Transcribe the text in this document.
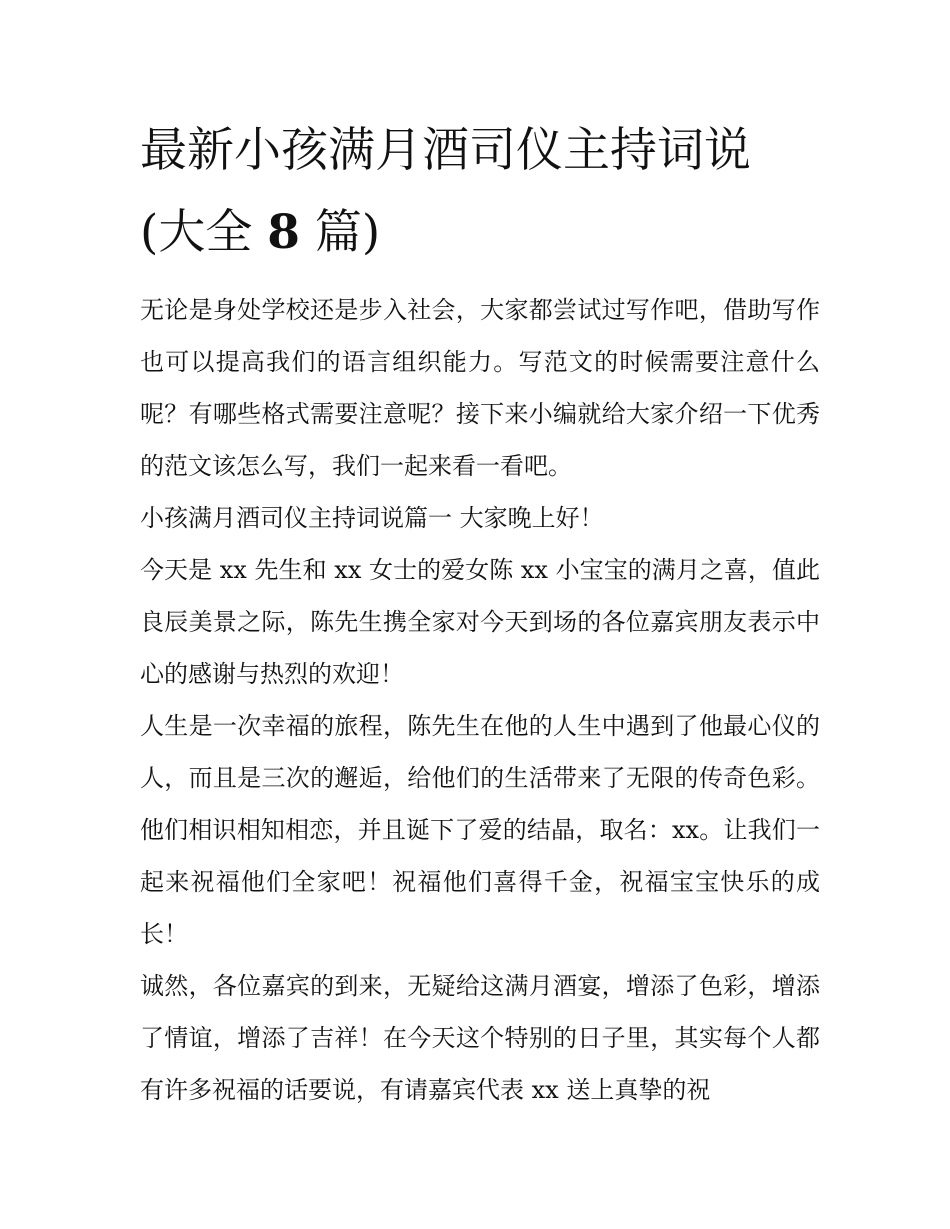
最新小孩满月酒司仪主持词说
(大全 8 篇)

无论是身处学校还是步入社会，大家都尝试过写作吧，借助写作也可以提高我们的语言组织能力。写范文的时候需要注意什么呢？有哪些格式需要注意呢？接下来小编就给大家介绍一下优秀的范文该怎么写，我们一起来看一看吧。

小孩满月酒司仪主持词说篇一 大家晚上好！

今天是 xx 先生和 xx 女士的爱女陈 xx 小宝宝的满月之喜，值此良辰美景之际，陈先生携全家对今天到场的各位嘉宾朋友表示中心的感谢与热烈的欢迎！

人生是一次幸福的旅程，陈先生在他的人生中遇到了他最心仪的人，而且是三次的邂逅，给他们的生活带来了无限的传奇色彩。他们相识相知相恋，并且诞下了爱的结晶，取名：xx。让我们一起来祝福他们全家吧！祝福他们喜得千金，祝福宝宝快乐的成长！

诚然，各位嘉宾的到来，无疑给这满月酒宴，增添了色彩，增添了情谊，增添了吉祥！在今天这个特别的日子里，其实每个人都有许多祝福的话要说，有请嘉宾代表 xx 送上真挚的祝
